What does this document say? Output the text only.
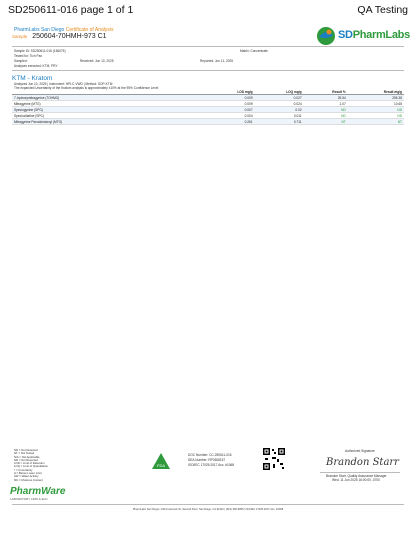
SD250611-016 page 1 of 1	QA Testing
PharmLabs San Diego Certificate of Analysis
Sample 250604-70HMH-973 C1	SDPharmLabs
Sample ID: SD250611-016 (156075)
Tested for: Tich Pax
Sampled:
Analyses executed: KTM, PRY
Matrix: Concentrate
Received: Jun 10, 2025	Reported: Jun 11, 2025
KTM - Kratom
Analyzed Jun 10, 2025 | Instrument: HPLC-VWD | Method: SOP-KTM
The expanded Uncertainty of the Kratom analysis is approximately ±10% at the 95% Confidence Level
	LOD mg/g	LOQ mg/g	Result %	Result mg/g
7-hydroxymitragynine (7OHMG)	0.009	0.027	25.54	255.35
Mitragynine (MTG)	0.009	0.024	1.07	10.65
Speciogynine (SPG)	0.007	0.02	ND	ND
Speciociliatine (SPC)	0.004	0.011	ND	ND
Mitragynine Pseudoindoxyl (MTG)	0.261	0.711	NT	NT
ND = Not Detected
NT = Not Tested
N/A = Not Applicable
NR = Not Reported
LOD = Limit of Detection
LOQ = Limit of Quantitation
* = Uncertainty
Δ = Below Lower Limit
AW = Water Activity
MC = Moisture Content
PharmWare
LABORATORY LIMS & ELN
FDA
DOC Number: CC-250611-016
DEA Number: RP0508157
ISO/IEC 17025:2017 Acc. #1068
Authorized Signature
Brandon Starr
Brandon Starr, Quality Assurance Manager
Wed, 11 Jun 2025 16:00:00 -0700
PharmLabs San Diego | 3421 Hancock St, Second Floor, San Diego, CA 92110 | (619) 356-9895 | ISO/IEC 17025:2017 Acc. #1068
